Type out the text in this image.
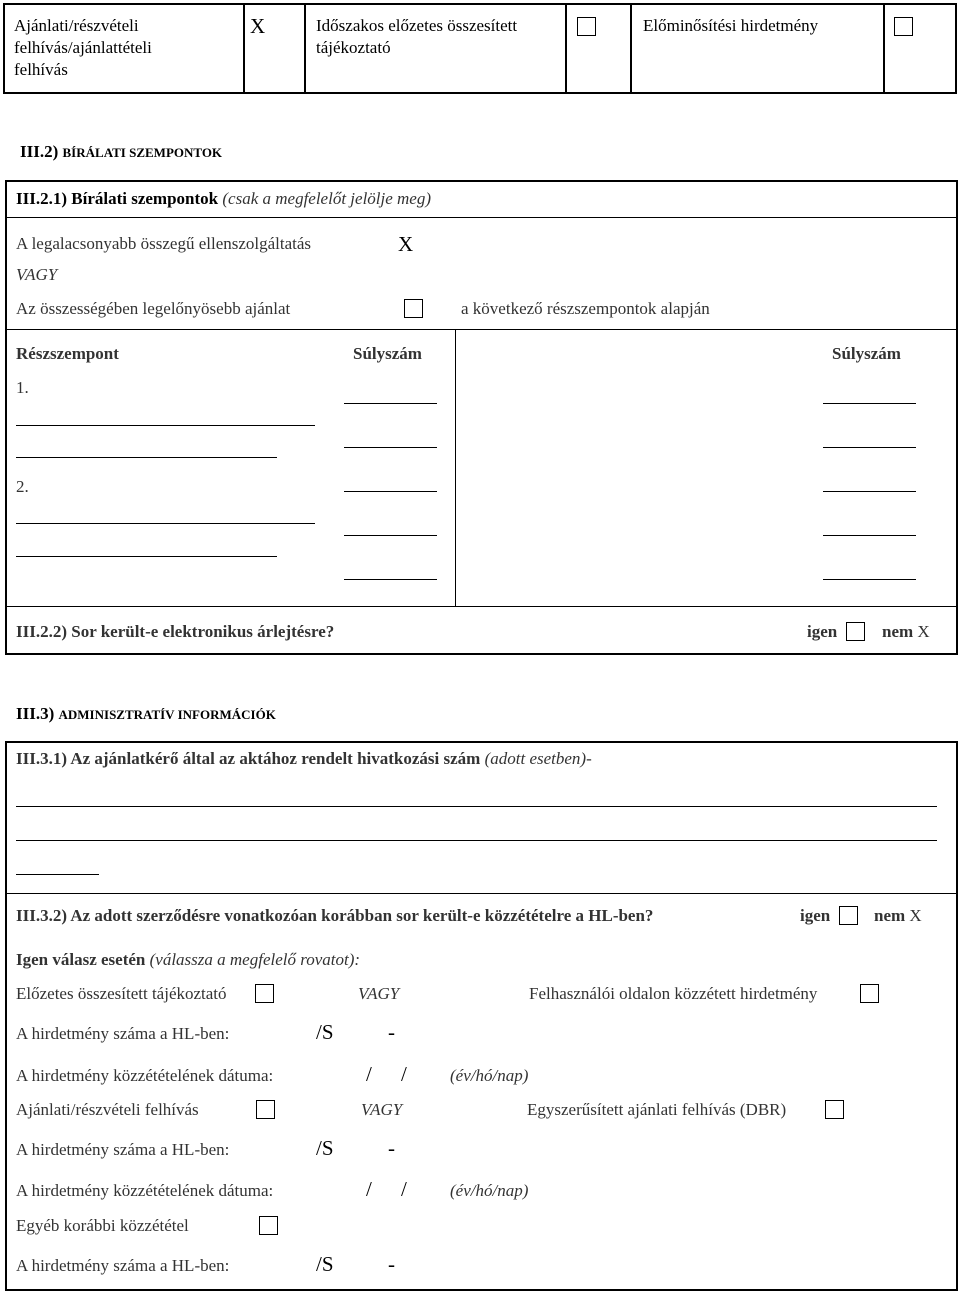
Ajánlati/részvételi
felhívás/ajánlattételi
felhívás
X	Időszakos előzetes összesített
tájékoztató
Előminősítési hirdetmény
III.2) BÍRÁLATI SZEMPONTOK
III.2.1) Bírálati szempontok (csak a megfelelőt jelölje meg)
A legalacsonyabb összegű ellenszolgáltatás	X
VAGY
Az összességében legelőnyösebb ajánlat	a következő részszempontok alapján
Részszempont	Súlyszám	Súlyszám
1.
2.
III.2.2) Sor került-e elektronikus árlejtésre?	igen	nem X
III.3) ADMINISZTRATÍV INFORMÁCIÓK
III.3.1) Az ajánlatkérő által az aktához rendelt hivatkozási szám (adott esetben)-
III.3.2) Az adott szerződésre vonatkozóan korábban sor került-e közzétételre a HL-ben?	igen	nem X
Igen válasz esetén (válassza a megfelelő rovatot):
Előzetes összesített tájékoztató	VAGY	Felhasználói oldalon közzétett hirdetmény
A hirdetmény száma a HL-ben:	/S	-
A hirdetmény közzétételének dátuma:	/ /	(év/hó/nap)
Ajánlati/részvételi felhívás	VAGY	Egyszerűsített ajánlati felhívás (DBR)
A hirdetmény száma a HL-ben:	/S	-
A hirdetmény közzétételének dátuma:	/ /	(év/hó/nap)
Egyéb korábbi közzététel
A hirdetmény száma a HL-ben:	/S	-
